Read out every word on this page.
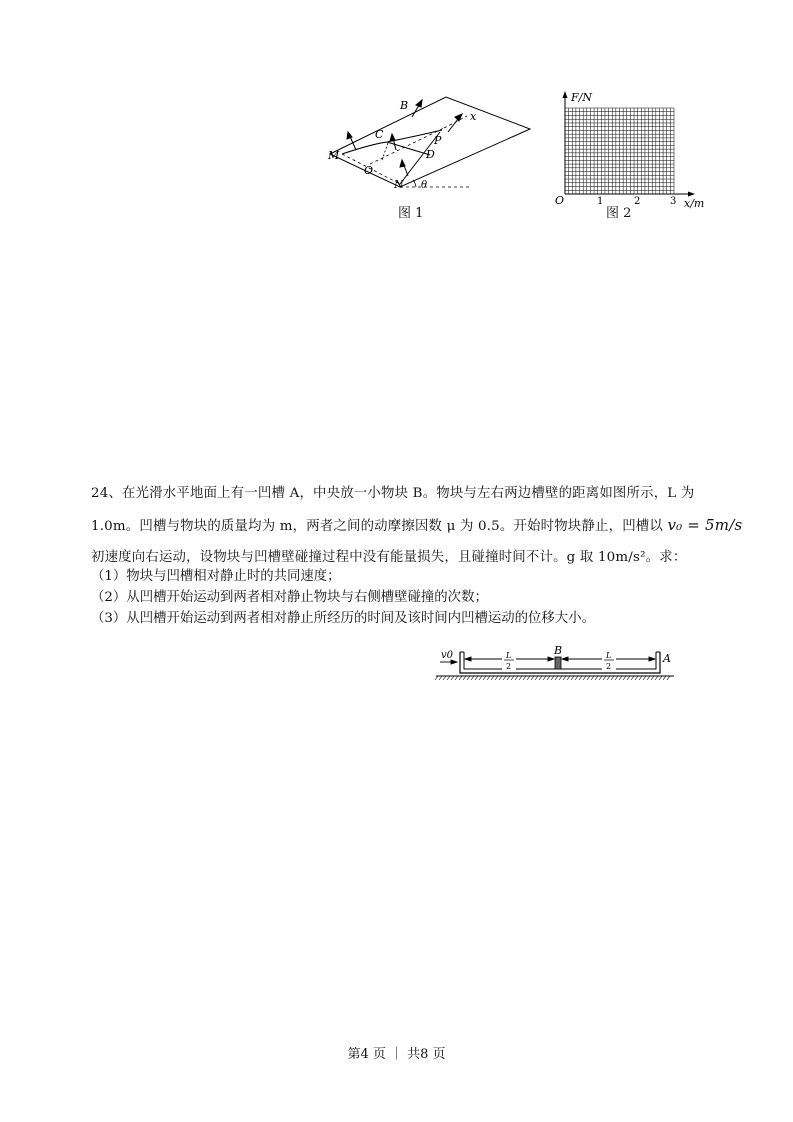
B
x
C	P
M	D
O
N θ
图 1
F/N
O	1	2	3 x/m
图 2
24、在光滑水平地面上有一凹槽 A，中央放一小物块 B。物块与左右两边槽壁的距离如图所示，L 为
1.0m。凹槽与物块的质量均为 m，两者之间的动摩擦因数 μ 为 0.5。开始时物块静止，凹槽以 v₀ = 5m/s
初速度向右运动，设物块与凹槽壁碰撞过程中没有能量损失，且碰撞时间不计。g 取 10m/s²。求：
（1）物块与凹槽相对静止时的共同速度；
（2）从凹槽开始运动到两者相对静止物块与右侧槽壁碰撞的次数；
（3）从凹槽开始运动到两者相对静止所经历的时间及该时间内凹槽运动的位移大小。
L
2
L
2
v0	B
A
第4 页 ｜ 共8 页
